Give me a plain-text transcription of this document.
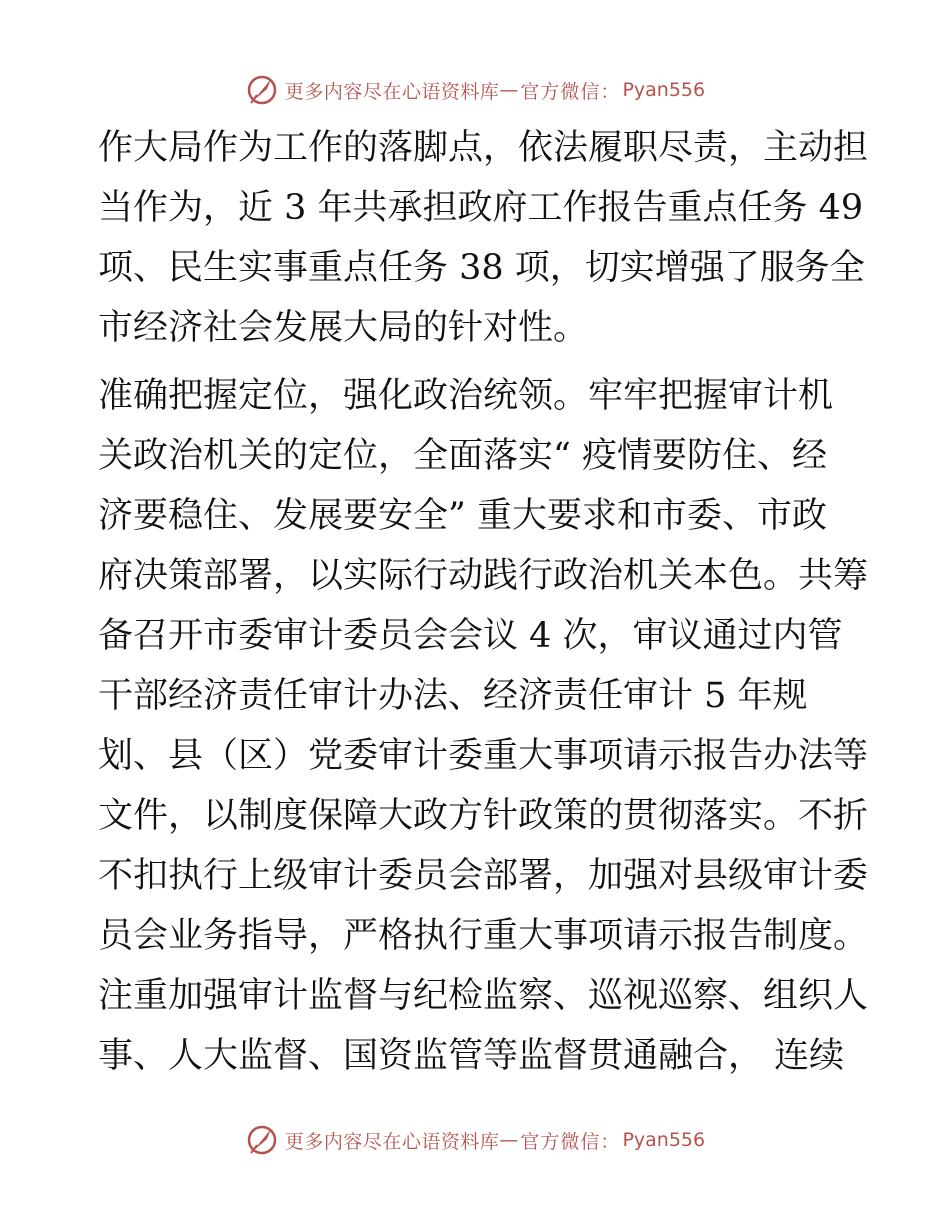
更多内容尽在心语资料库 — 官方微信： Pyan556
作大局作为工作的落脚点，依法履职尽责，主动担
当作为，近 3 年共承担政府工作报告重点任务 49
项、民生实事重点任务 38 项，切实增强了服务全
市经济社会发展大局的针对性。
准确把握定位，强化政治统领。牢牢把握审计机
关政治机关的定位，全面落实“ 疫情要防住、经
济要稳住、发展要安全” 重大要求和市委、市政
府决策部署，以实际行动践行政治机关本色。共筹
备召开市委审计委员会会议 4 次，审议通过内管
干部经济责任审计办法、经济责任审计 5 年规
划、县（区）党委审计委重大事项请示报告办法等
文件，以制度保障大政方针政策的贯彻落实。不折
不扣执行上级审计委员会部署，加强对县级审计委
员会业务指导，严格执行重大事项请示报告制度。
注重加强审计监督与纪检监察、巡视巡察、组织人
事、人大监督、国资监管等监督贯通融合， 连续
更多内容尽在心语资料库 — 官方微信： Pyan556
